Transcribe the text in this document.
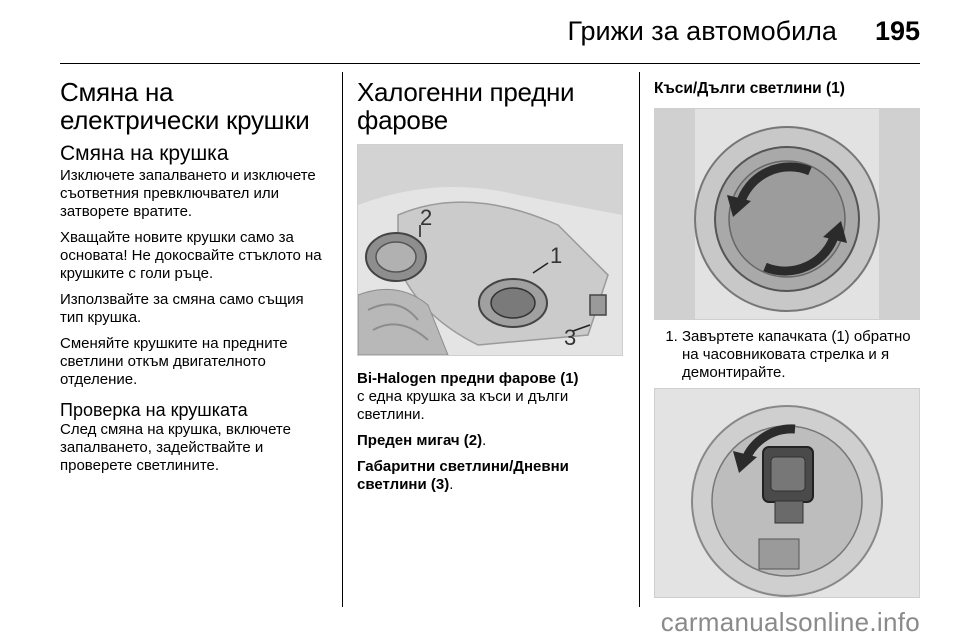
Грижи за автомобила 195
Смяна на електрически крушки
Смяна на крушка

Изключете запалването и изключете съответния превключвател или затворете вратите.

Хващайте новите крушки само за основата! Не докосвайте стъклото на крушките с голи ръце.

Използвайте за смяна само същия тип крушка.

Сменяйте крушките на предните светлини откъм двигателното отделение.

Проверка на крушката

След смяна на крушка, включете запалването, задействайте и проверете светлините.

Халогенни предни фарове
2
1
3

Bi-Halogen предни фарове (1)

с една крушка за къси и дълги светлини.

Преден мигач (2).

Габаритни светлини/Дневни светлини (3).

Къси/Дълги светлини (1)
1. Завъртете капачката (1) обратно на часовниковата стрелка и я демонтирайте.
carmanualsonline.info
